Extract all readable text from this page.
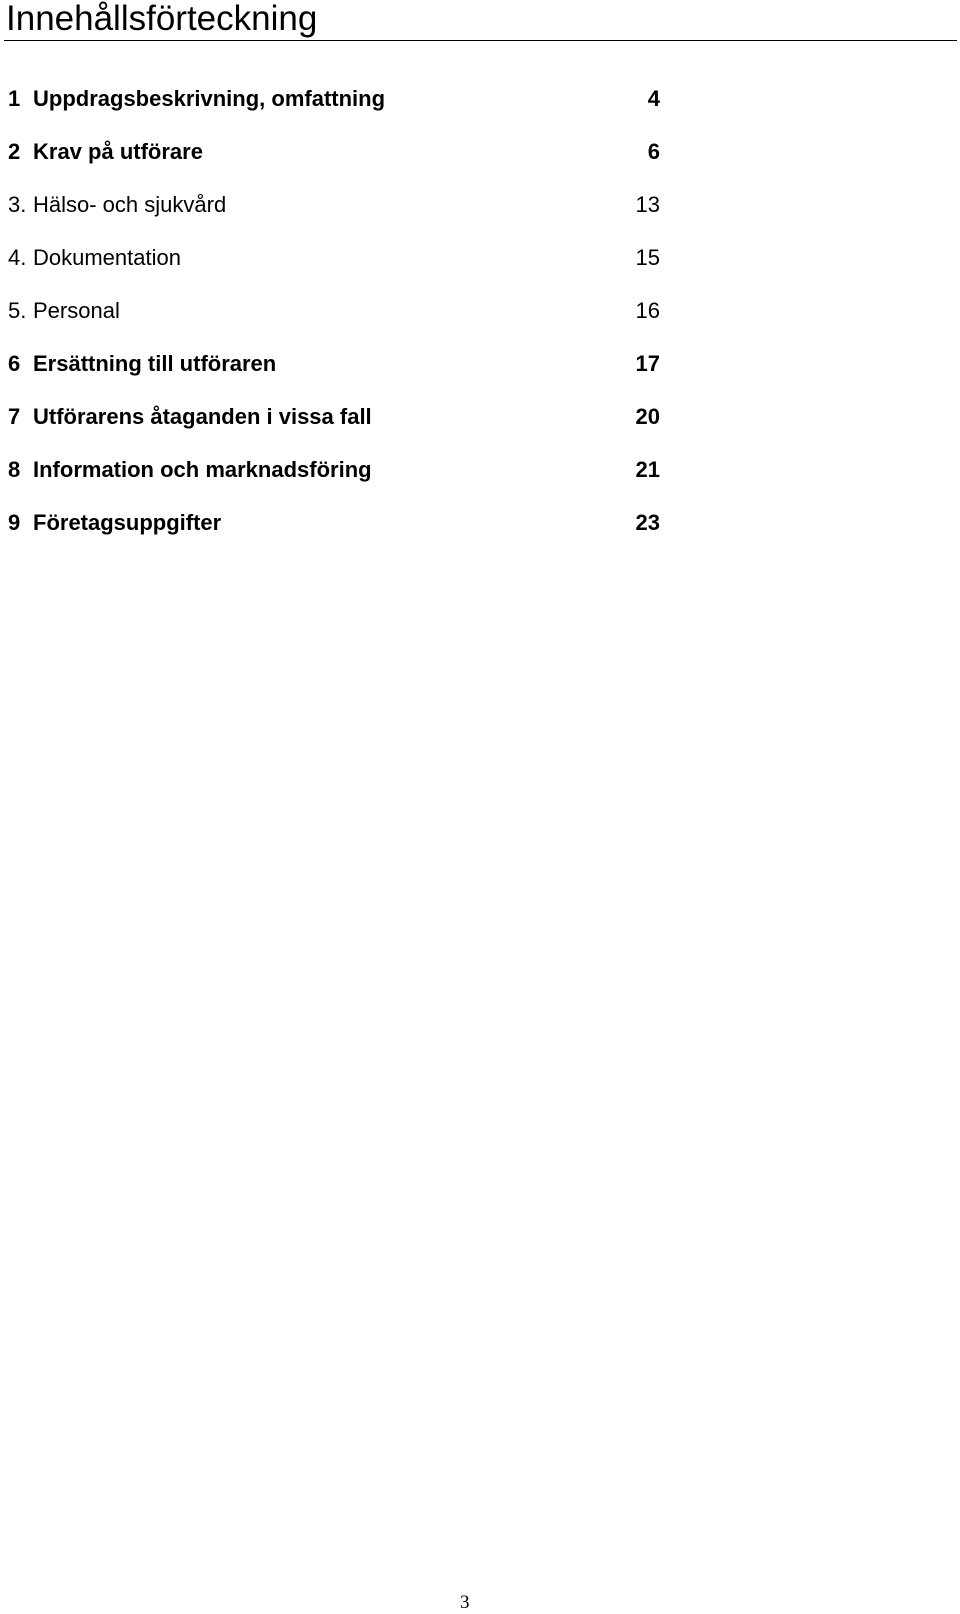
Innehållsförteckning
1 Uppdragsbeskrivning, omfattning	4
2 Krav på utförare	6
3. Hälso- och sjukvård	13
4. Dokumentation	15
5. Personal	16
6 Ersättning till utföraren	17
7 Utförarens åtaganden i vissa fall	20
8 Information och marknadsföring	21
9 Företagsuppgifter	23
3
